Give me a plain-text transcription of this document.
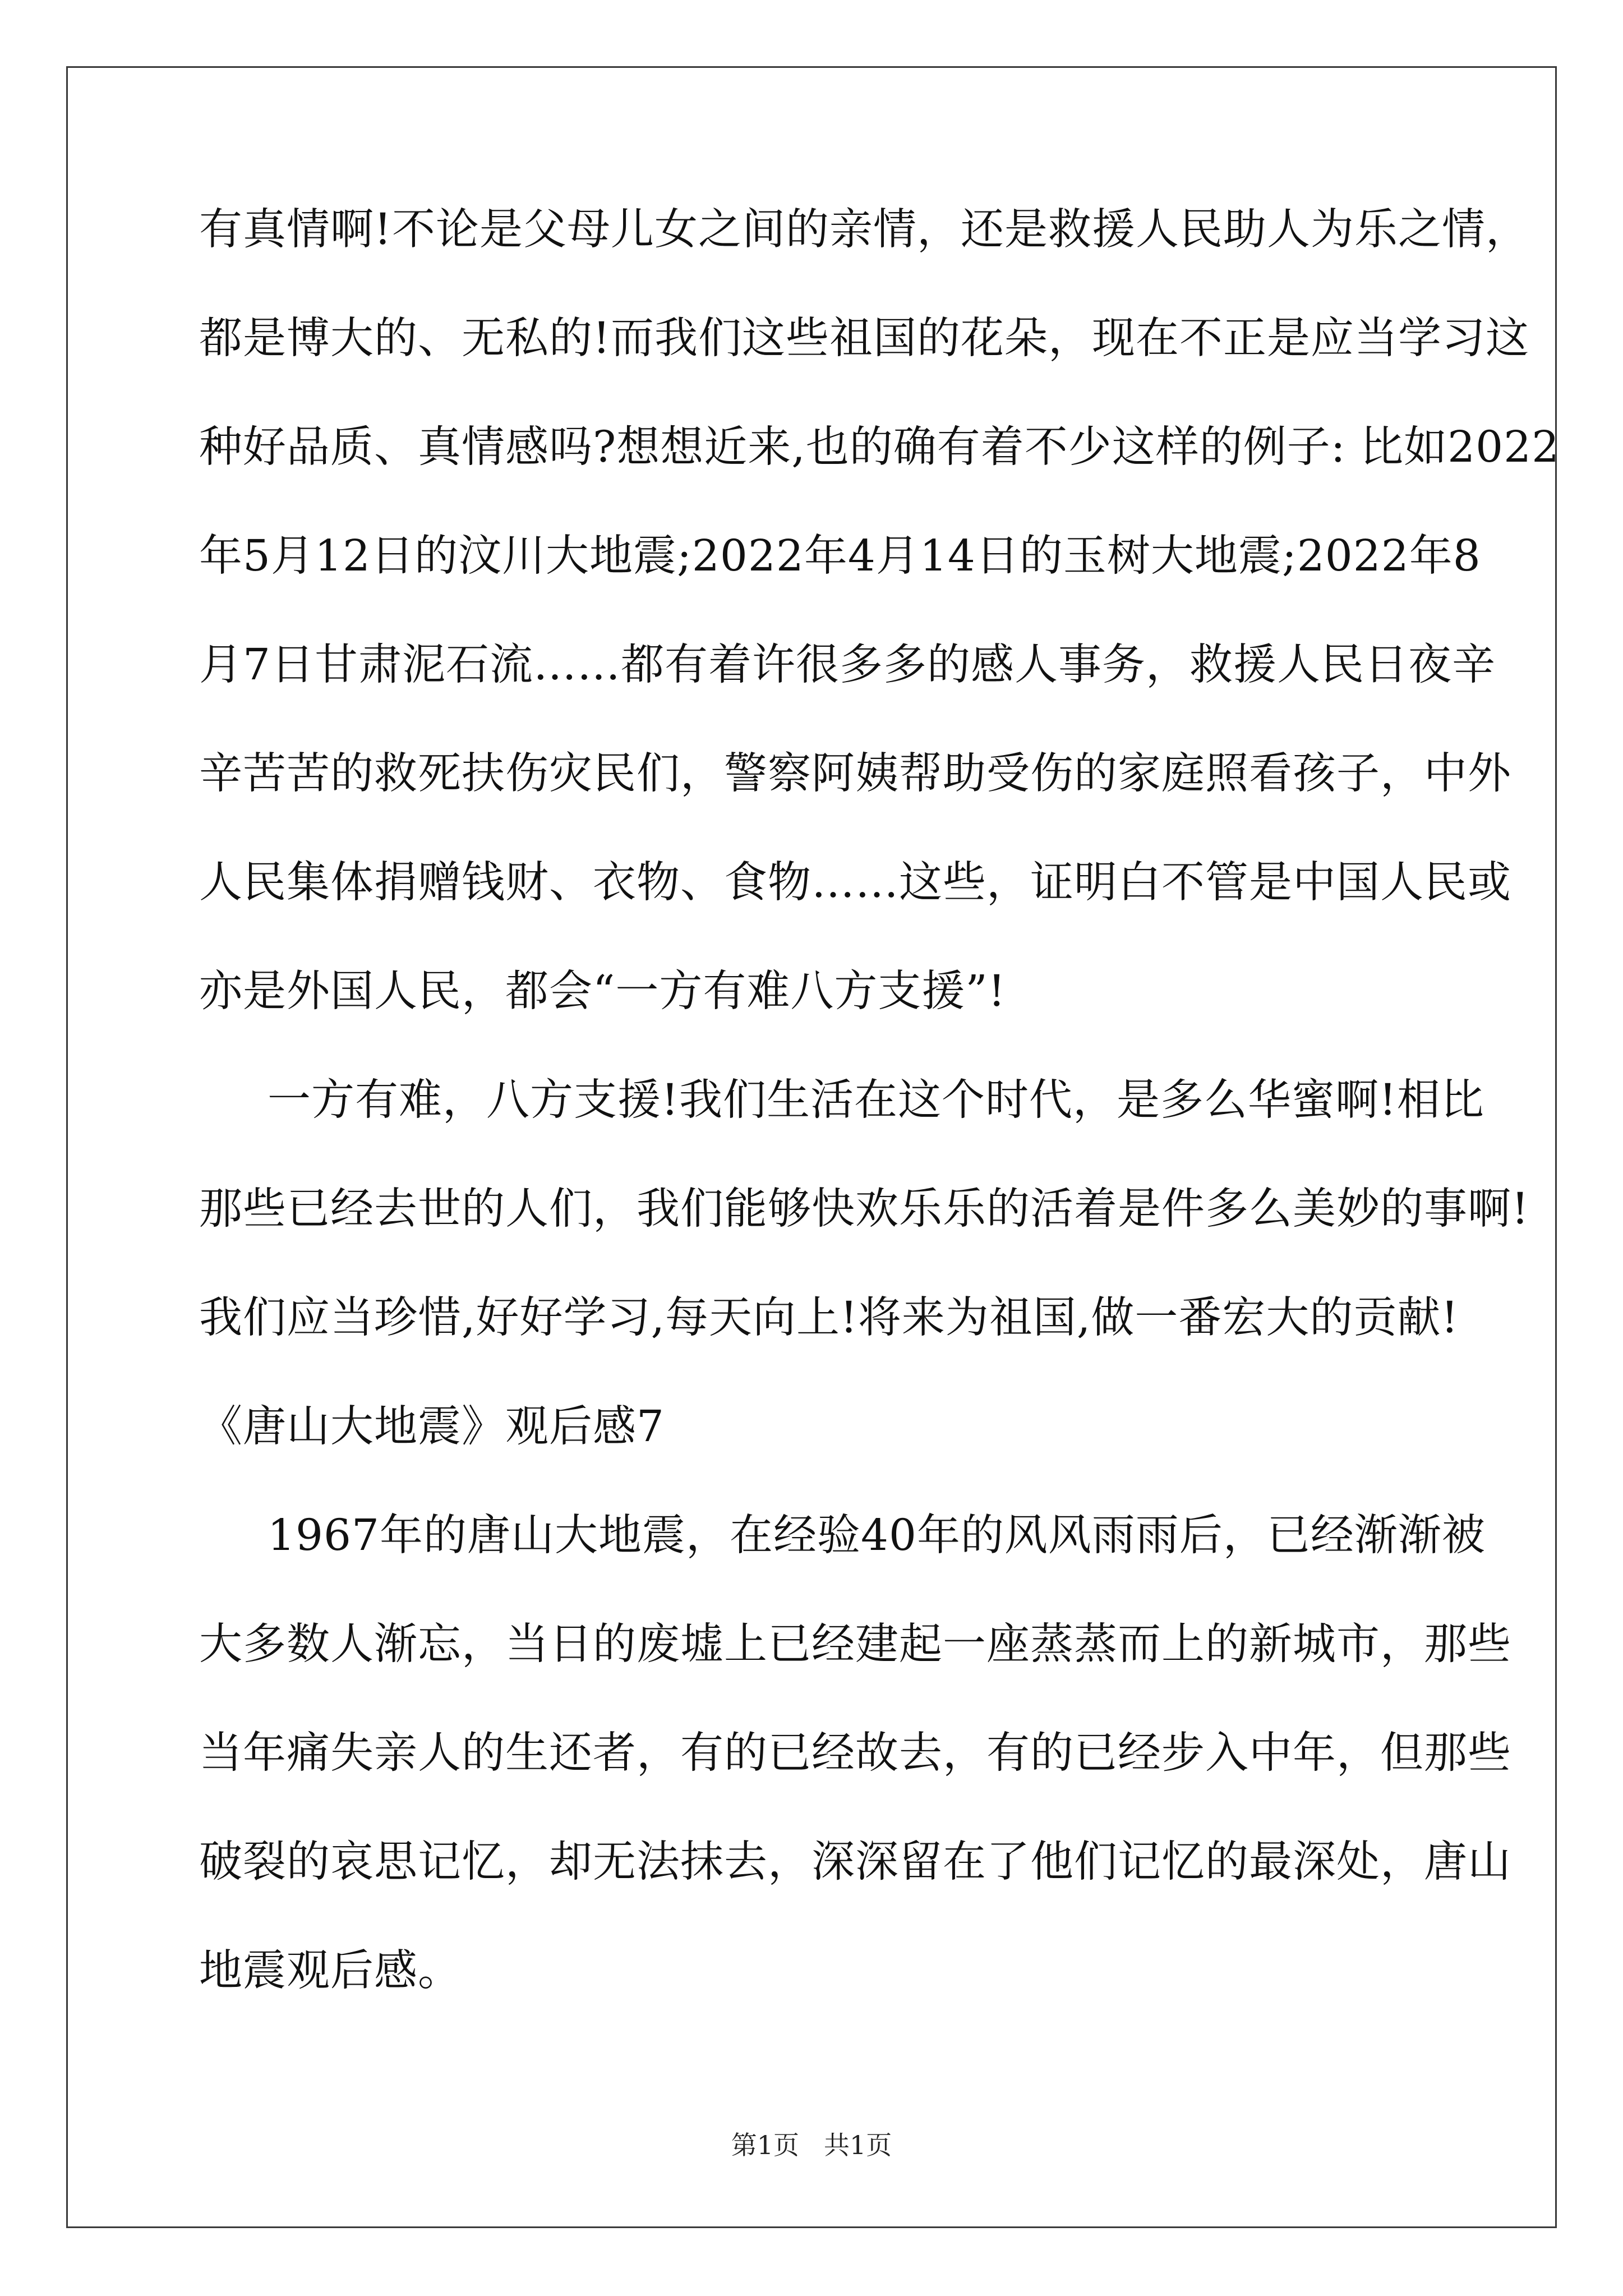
有真情啊!不论是父母儿女之间的亲情，还是救援人民助人为乐之情，
都是博大的、无私的!而我们这些祖国的花朵，现在不正是应当学习这
种好品质、真情感吗?想想近来,也的确有着不少这样的例子: 比如2022
年5月12日的汶川大地震;2022年4月14日的玉树大地震;2022年8
月7日甘肃泥石流……都有着许很多多的感人事务，救援人民日夜辛
辛苦苦的救死扶伤灾民们，警察阿姨帮助受伤的家庭照看孩子，中外
人民集体捐赠钱财、衣物、食物……这些，证明白不管是中国人民或
亦是外国人民，都会“一方有难八方支援”!
一方有难，八方支援!我们生活在这个时代，是多么华蜜啊!相比
那些已经去世的人们，我们能够快欢乐乐的活着是件多么美妙的事啊!
我们应当珍惜,好好学习,每天向上!将来为祖国,做一番宏大的贡献!
《唐山大地震》观后感7
1967年的唐山大地震，在经验40年的风风雨雨后，已经渐渐被
大多数人渐忘，当日的废墟上已经建起一座蒸蒸而上的新城市，那些
当年痛失亲人的生还者，有的已经故去，有的已经步入中年，但那些
破裂的哀思记忆，却无法抹去，深深留在了他们记忆的最深处，唐山
地震观后感。
第1页 共1页
